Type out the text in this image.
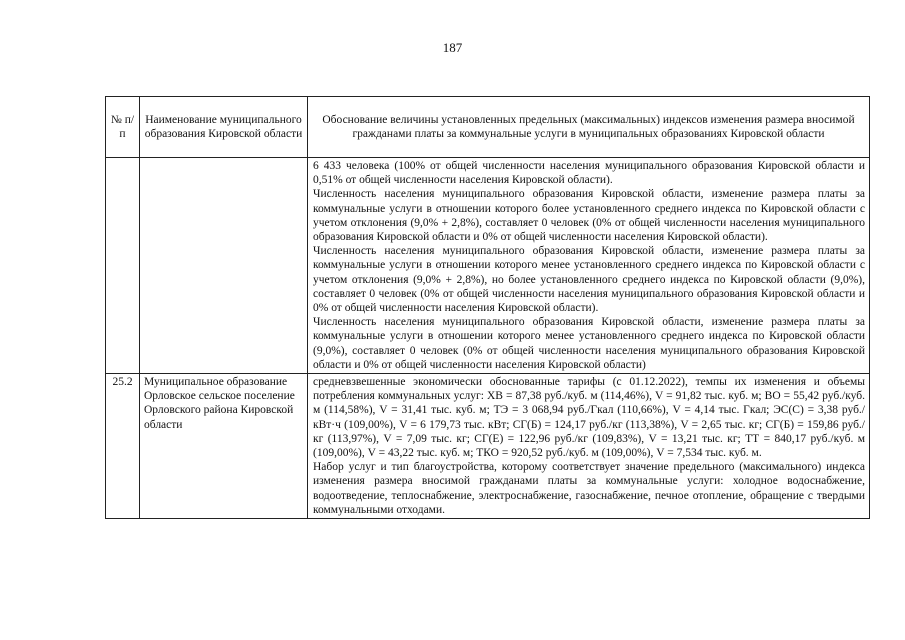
187
№ п/п	Наименование муниципального образования Кировской области	Обоснование величины установленных предельных (максимальных) индексов изменения размера вносимой гражданами платы за коммунальные услуги в муниципальных образованиях Кировской области

		6 433 человека (100% от общей численности населения муниципального образования Кировской области и 0,51% от общей численности населения Кировской области).

Численность населения муниципального образования Кировской области, изменение размера платы за коммунальные услуги в отношении которого более установленного среднего индекса по Кировской области с учетом отклонения (9,0% + 2,8%), составляет 0 человек (0% от общей численности населения муниципального образования Кировской области и 0% от общей численности населения Кировской области).

Численность населения муниципального образования Кировской области, изменение размера платы за коммунальные услуги в отношении которого менее установленного среднего индекса по Кировской области с учетом отклонения (9,0% + 2,8%), но более установленного среднего индекса по Кировской области (9,0%), составляет 0 человек (0% от общей численности населения муниципального образования Кировской области и 0% от общей численности населения Кировской области).

Численность населения муниципального образования Кировской области, изменение размера платы за коммунальные услуги в отношении которого менее установленного среднего индекса по Кировской области (9,0%), составляет 0 человек (0% от общей численности населения муниципального образования Кировской области и 0% от общей численности населения Кировской области)

25.2	Муниципальное образование Орловское сельское поселение Орловского района Кировской области	средневзвешенные экономически обоснованные тарифы (с 01.12.2022), темпы их изменения и объемы потребления коммунальных услуг: ХВ = 87,38 руб./куб. м (114,46%), V = 91,82 тыс. куб. м; ВО = 55,42 руб./куб. м (114,58%), V = 31,41 тыс. куб. м; ТЭ = 3 068,94 руб./Гкал (110,66%), V = 4,14 тыс. Гкал; ЭС(С) = 3,38 руб./кВт·ч (109,00%), V = 6 179,73 тыс. кВт; СГ(Б) = 124,17 руб./кг (113,38%), V = 2,65 тыс. кг; СГ(Б) = 159,86 руб./кг (113,97%), V = 7,09 тыс. кг; СГ(Е) = 122,96 руб./кг (109,83%), V = 13,21 тыс. кг; ТТ = 840,17 руб./куб. м (109,00%), V = 43,22 тыс. куб. м; ТКО = 920,52 руб./куб. м (109,00%), V = 7,534 тыс. куб. м.

Набор услуг и тип благоустройства, которому соответствует значение предельного (максимального) индекса изменения размера вносимой гражданами платы за коммунальные услуги: холодное водоснабжение, водоотведение, теплоснабжение, электроснабжение, газоснабжение, печное отопление, обращение с твердыми коммунальными отходами.
